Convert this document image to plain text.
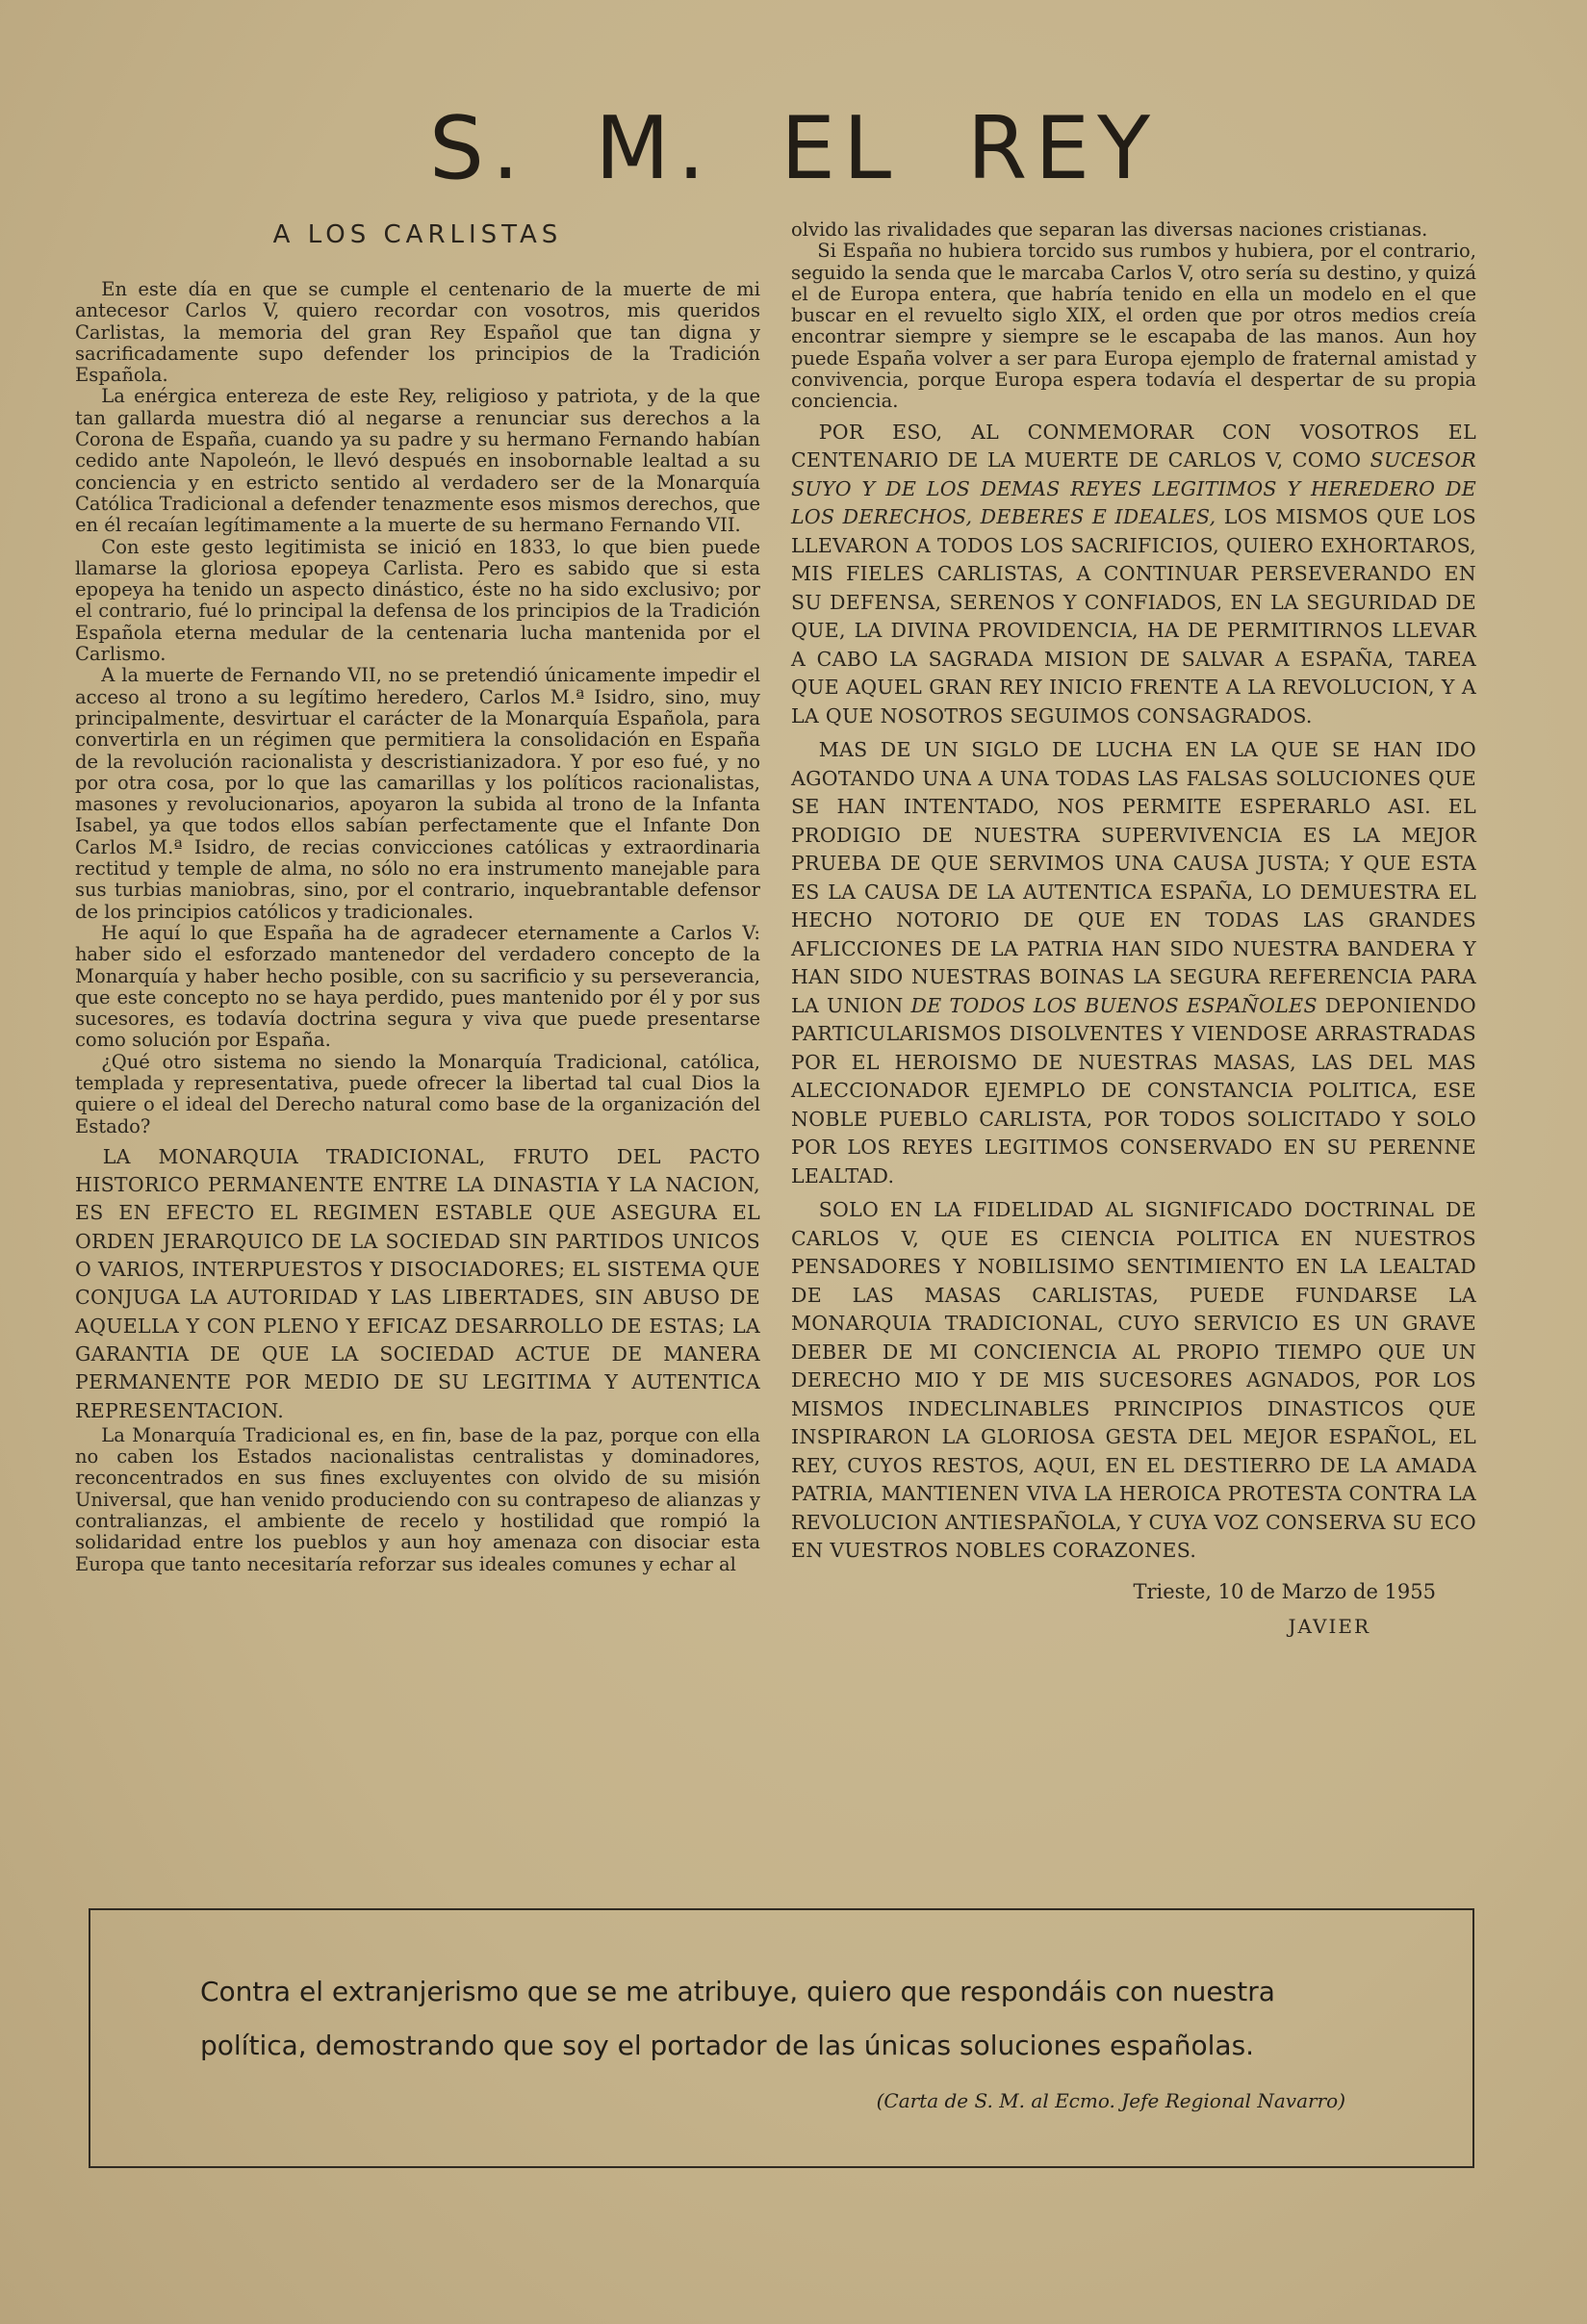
S. M. EL REY
A LOS CARLISTAS

En este día en que se cumple el centenario de la muerte de mi antecesor Carlos V, quiero recordar con vosotros, mis queridos Carlistas, la memoria del gran Rey Español que tan digna y sacrificadamente supo defender los principios de la Tradición Española.

La enérgica entereza de este Rey, religioso y patriota, y de la que tan gallarda muestra dió al negarse a renunciar sus derechos a la Corona de España, cuando ya su padre y su hermano Fernando habían cedido ante Napoleón, le llevó después en insobornable lealtad a su conciencia y en estricto sentido al verdadero ser de la Monarquía Católica Tradicional a defender tenazmente esos mismos derechos, que en él recaían legítimamente a la muerte de su hermano Fernando VII.

Con este gesto legitimista se inició en 1833, lo que bien puede llamarse la gloriosa epopeya Carlista. Pero es sabido que si esta epopeya ha tenido un aspecto dinástico, éste no ha sido exclusivo; por el contrario, fué lo principal la defensa de los principios de la Tradición Española eterna medular de la centenaria lucha mantenida por el Carlismo.

A la muerte de Fernando VII, no se pretendió únicamente impedir el acceso al trono a su legítimo heredero, Carlos M.ª Isidro, sino, muy principalmente, desvirtuar el carácter de la Monarquía Española, para convertirla en un régimen que permitiera la consolidación en España de la revolución racionalista y descristianizadora. Y por eso fué, y no por otra cosa, por lo que las camarillas y los políticos racionalistas, masones y revolucionarios, apoyaron la subida al trono de la Infanta Isabel, ya que todos ellos sabían perfectamente que el Infante Don Carlos M.ª Isidro, de recias convicciones católicas y extraordinaria rectitud y temple de alma, no sólo no era instrumento manejable para sus turbias maniobras, sino, por el contrario, inquebrantable defensor de los principios católicos y tradicionales.

He aquí lo que España ha de agradecer eternamente a Carlos V: haber sido el esforzado mantenedor del verdadero concepto de la Monarquía y haber hecho posible, con su sacrificio y su perseverancia, que este concepto no se haya perdido, pues mantenido por él y por sus sucesores, es todavía doctrina segura y viva que puede presentarse como solución por España.

¿Qué otro sistema no siendo la Monarquía Tradicional, católica, templada y representativa, puede ofrecer la libertad tal cual Dios la quiere o el ideal del Derecho natural como base de la organización del Estado?

LA MONARQUIA TRADICIONAL, FRUTO DEL PACTO HISTORICO PERMANENTE ENTRE LA DINASTIA Y LA NACION, ES EN EFECTO EL REGIMEN ESTABLE QUE ASEGURA EL ORDEN JERARQUICO DE LA SOCIEDAD SIN PARTIDOS UNICOS O VARIOS, INTERPUESTOS Y DISOCIADORES; EL SISTEMA QUE CONJUGA LA AUTORIDAD Y LAS LIBERTADES, SIN ABUSO DE AQUELLA Y CON PLENO Y EFICAZ DESARROLLO DE ESTAS; LA GARANTIA DE QUE LA SOCIEDAD ACTUE DE MANERA PERMANENTE POR MEDIO DE SU LEGITIMA Y AUTENTICA REPRESENTACION.

La Monarquía Tradicional es, en fin, base de la paz, porque con ella no caben los Estados nacionalistas centralistas y dominadores, reconcentrados en sus fines excluyentes con olvido de su misión Universal, que han venido produciendo con su contrapeso de alianzas y contralianzas, el ambiente de recelo y hostilidad que rompió la solidaridad entre los pueblos y aun hoy amenaza con disociar esta Europa que tanto necesitaría reforzar sus ideales comunes y echar al

olvido las rivalidades que separan las diversas naciones cristianas.

Si España no hubiera torcido sus rumbos y hubiera, por el contrario, seguido la senda que le marcaba Carlos V, otro sería su destino, y quizá el de Europa entera, que habría tenido en ella un modelo en el que buscar en el revuelto siglo XIX, el orden que por otros medios creía encontrar siempre y siempre se le escapaba de las manos. Aun hoy puede España volver a ser para Europa ejemplo de fraternal amistad y convivencia, porque Europa espera todavía el despertar de su propia conciencia.

POR ESO, AL CONMEMORAR CON VOSOTROS EL CENTENARIO DE LA MUERTE DE CARLOS V, COMO SUCESOR SUYO Y DE LOS DEMAS REYES LEGITIMOS Y HEREDERO DE LOS DERECHOS, DEBERES E IDEALES, LOS MISMOS QUE LOS LLEVARON A TODOS LOS SACRIFICIOS, QUIERO EXHORTAROS, MIS FIELES CARLISTAS, A CONTINUAR PERSEVERANDO EN SU DEFENSA, SERENOS Y CONFIADOS, EN LA SEGURIDAD DE QUE, LA DIVINA PROVIDENCIA, HA DE PERMITIRNOS LLEVAR A CABO LA SAGRADA MISION DE SALVAR A ESPAÑA, TAREA QUE AQUEL GRAN REY INICIO FRENTE A LA REVOLUCION, Y A LA QUE NOSOTROS SEGUIMOS CONSAGRADOS.

MAS DE UN SIGLO DE LUCHA EN LA QUE SE HAN IDO AGOTANDO UNA A UNA TODAS LAS FALSAS SOLUCIONES QUE SE HAN INTENTADO, NOS PERMITE ESPERARLO ASI. EL PRODIGIO DE NUESTRA SUPERVIVENCIA ES LA MEJOR PRUEBA DE QUE SERVIMOS UNA CAUSA JUSTA; Y QUE ESTA ES LA CAUSA DE LA AUTENTICA ESPAÑA, LO DEMUESTRA EL HECHO NOTORIO DE QUE EN TODAS LAS GRANDES AFLICCIONES DE LA PATRIA HAN SIDO NUESTRA BANDERA Y HAN SIDO NUESTRAS BOINAS LA SEGURA REFERENCIA PARA LA UNION DE TODOS LOS BUENOS ESPAÑOLES DEPONIENDO PARTICULARISMOS DISOLVENTES Y VIENDOSE ARRASTRADAS POR EL HEROISMO DE NUESTRAS MASAS, LAS DEL MAS ALECCIONADOR EJEMPLO DE CONSTANCIA POLITICA, ESE NOBLE PUEBLO CARLISTA, POR TODOS SOLICITADO Y SOLO POR LOS REYES LEGITIMOS CONSERVADO EN SU PERENNE LEALTAD.

SOLO EN LA FIDELIDAD AL SIGNIFICADO DOCTRINAL DE CARLOS V, QUE ES CIENCIA POLITICA EN NUESTROS PENSADORES Y NOBILISIMO SENTIMIENTO EN LA LEALTAD DE LAS MASAS CARLISTAS, PUEDE FUNDARSE LA MONARQUIA TRADICIONAL, CUYO SERVICIO ES UN GRAVE DEBER DE MI CONCIENCIA AL PROPIO TIEMPO QUE UN DERECHO MIO Y DE MIS SUCESORES AGNADOS, POR LOS MISMOS INDECLINABLES PRINCIPIOS DINASTICOS QUE INSPIRARON LA GLORIOSA GESTA DEL MEJOR ESPAÑOL, EL REY, CUYOS RESTOS, AQUI, EN EL DESTIERRO DE LA AMADA PATRIA, MANTIENEN VIVA LA HEROICA PROTESTA CONTRA LA REVOLUCION ANTIESPAÑOLA, Y CUYA VOZ CONSERVA SU ECO EN VUESTROS NOBLES CORAZONES.

Trieste, 10 de Marzo de 1955

JAVIER

Contra el extranjerismo que se me atribuye, quiero que respondáis con nuestra política, demostrando que soy el portador de las únicas soluciones españolas.
(Carta de S. M. al Ecmo. Jefe Regional Navarro)
